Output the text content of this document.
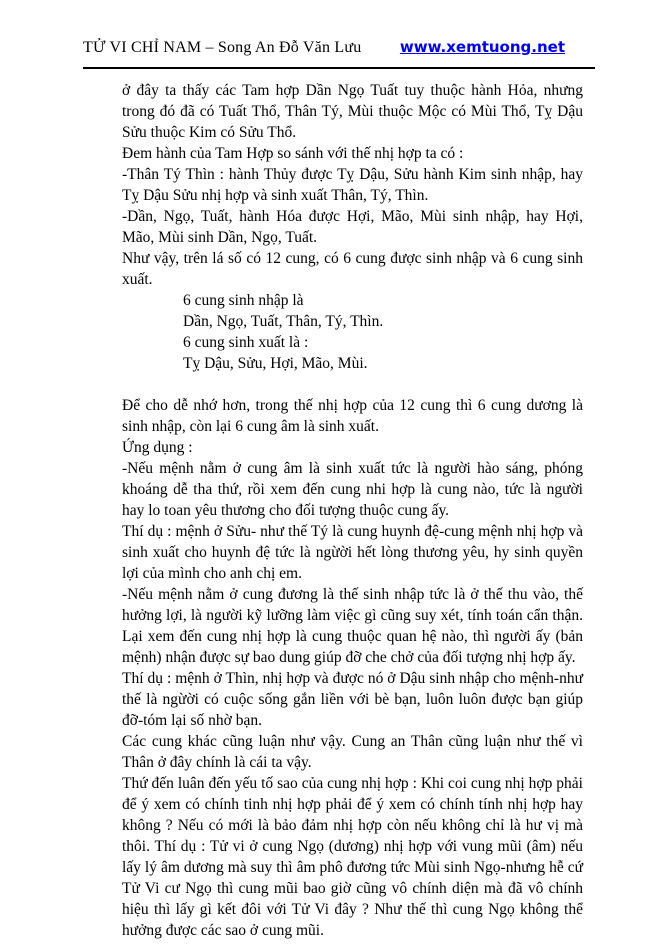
TỬ VI CHỈ NAM – Song An Đỗ Văn Lưu	www.xemtuong.net

ở đây ta thấy các Tam hợp Dần Ngọ Tuất tuy thuộc hành Hỏa, nhưng trong đó đã có Tuất Thổ, Thân Tý, Mùi thuộc Mộc có Mùi Thổ, Tỵ Dậu Sửu thuộc Kim có Sửu Thổ.

Đem hành của Tam Hợp so sánh với thế nhị hợp ta có :

-Thân Tý Thìn : hành Thủy được Tỵ Dậu, Sửu hành Kim sinh nhập, hay Tỵ Dậu Sửu nhị hợp và sinh xuất Thân, Tý, Thìn.

-Dần, Ngọ, Tuất, hành Hóa được Hợi, Mão, Mùi sinh nhập, hay Hợi, Mão, Mùi sinh Dần, Ngọ, Tuất.

Như vậy, trên lá số có 12 cung, có 6 cung được sinh nhập và 6 cung sinh xuất.

6 cung sinh nhập là

Dần, Ngọ, Tuất, Thân, Tý, Thìn.

6 cung sinh xuất là :

Tỵ Dậu, Sửu, Hợi, Mão, Mùi.

Để cho dễ nhớ hơn, trong thế nhị hợp của 12 cung thì 6 cung dương là sinh nhập, còn lại 6 cung âm là sinh xuất.

Ứng dụng :

-Nếu mệnh nằm ở cung âm là sinh xuất tức là người hào sáng, phóng khoáng dễ tha thứ, rồi xem đến cung nhi hợp là cung nào, tức là người hay lo toan yêu thương cho đối tượng thuộc cung ấy.

Thí dụ : mệnh ở Sửu- như thế Tý là cung huynh đệ-cung mệnh nhị hợp và sinh xuất cho huynh đệ tức là ngừời hết lòng thương yêu, hy sinh quyền lợi của mình cho anh chị em.

-Nếu mệnh nằm ở cung đương là thế sinh nhập tức là ở thế thu vào, thế hưởng lợi, là người kỹ lưỡng làm việc gì cũng suy xét, tính toán cẩn thận. Lại xem đến cung nhị hợp là cung thuộc quan hệ nào, thì người ấy (bản mệnh) nhận được sự bao dung giúp đỡ che chở của đối tượng nhị hợp ấy.

Thí dụ : mệnh ở Thìn, nhị hợp và được nó ở Dậu sinh nhập cho mệnh-như thế là ngừời có cuộc sống gắn liền với bè bạn, luôn luôn được bạn giúp đỡ-tóm lại số nhờ bạn.

Các cung khác cũng luận như vậy. Cung an Thân cũng luận như thế vì Thân ở đây chính là cái ta vậy.

Thứ đến luân đến yếu tố sao của cung nhị hợp : Khi coi cung nhị hợp phải để ý xem có chính tinh nhị hợp phải để ý xem có chính tính nhị hợp hay không ? Nếu có mới là bảo đảm nhị hợp còn nếu không chỉ là hư vị mà thôi. Thí dụ : Tử vi ở cung Ngọ (dương) nhị hợp với vung mũi (âm) nếu lấy lý âm dương mà suy thì âm phô đương tức Mùi sinh Ngọ-nhưng hễ cứ Tử Vi cư Ngọ thì cung mũi bao giờ cũng vô chính diện mà đã vô chính hiệu thì lấy gì kết đôi với Tử Vi đây ? Như thế thì cung Ngọ không thể hưởng được các sao ở cung mũi.
